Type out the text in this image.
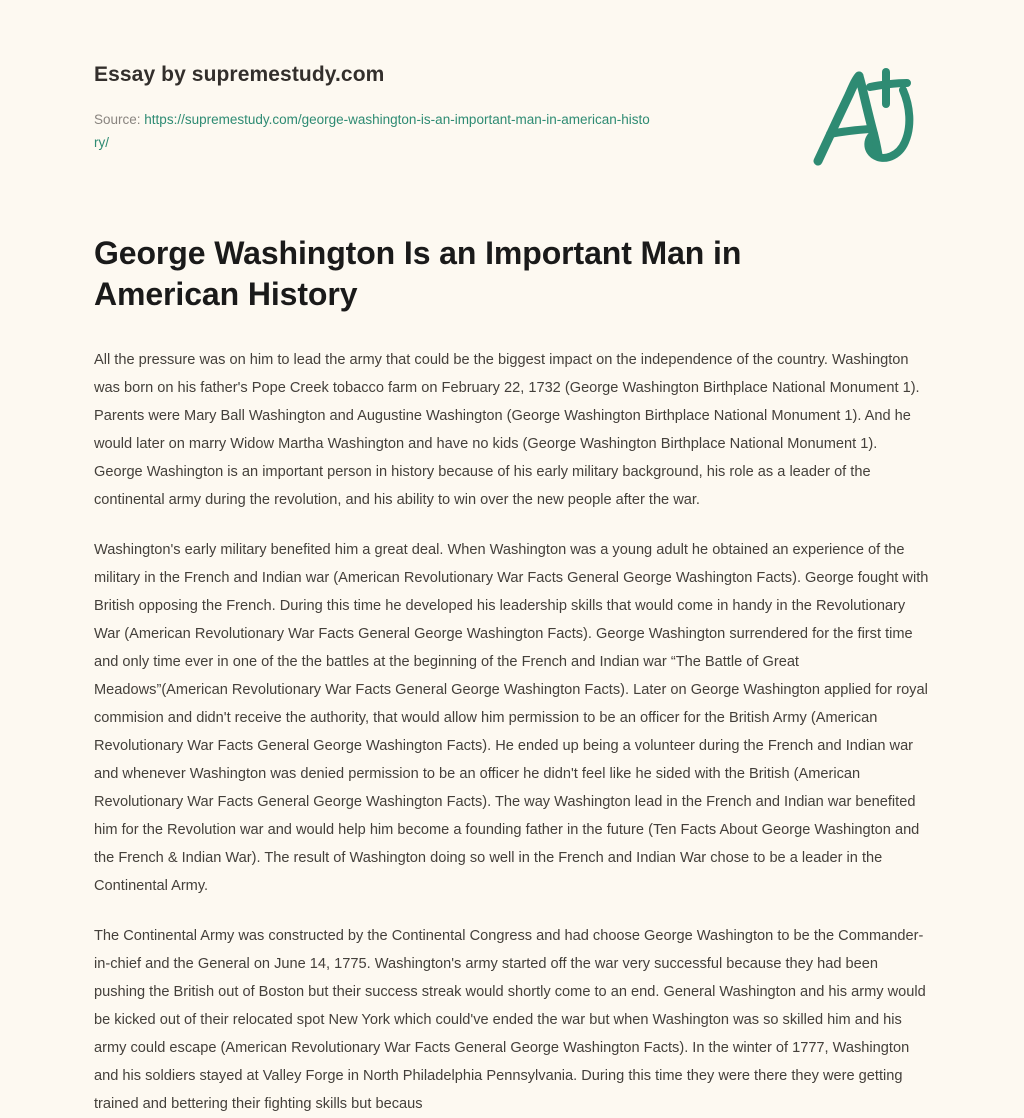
Essay by supremestudy.com
Source: https://supremestudy.com/george-washington-is-an-important-man-in-american-history/
George Washington Is an Important Man in American History

All the pressure was on him to lead the army that could be the biggest impact on the independence of the country. Washington was born on his father's Pope Creek tobacco farm on February 22, 1732 (George Washington Birthplace National Monument 1). Parents were Mary Ball Washington and Augustine Washington (George Washington Birthplace National Monument 1). And he would later on marry Widow Martha Washington and have no kids (George Washington Birthplace National Monument 1). George Washington is an important person in history because of his early military background, his role as a leader of the continental army during the revolution, and his ability to win over the new people after the war.

Washington's early military benefited him a great deal. When Washington was a young adult he obtained an experience of the military in the French and Indian war (American Revolutionary War Facts General George Washington Facts). George fought with British opposing the French. During this time he developed his leadership skills that would come in handy in the Revolutionary War (American Revolutionary War Facts General George Washington Facts). George Washington surrendered for the first time and only time ever in one of the the battles at the beginning of the French and Indian war “The Battle of Great Meadows”(American Revolutionary War Facts General George Washington Facts). Later on George Washington applied for royal commision and didn't receive the authority, that would allow him permission to be an officer for the British Army (American Revolutionary War Facts General George Washington Facts). He ended up being a volunteer during the French and Indian war and whenever Washington was denied permission to be an officer he didn't feel like he sided with the British (American Revolutionary War Facts General George Washington Facts). The way Washington lead in the French and Indian war benefited him for the Revolution war and would help him become a founding father in the future (Ten Facts About George Washington and the French & Indian War). The result of Washington doing so well in the French and Indian War chose to be a leader in the Continental Army.

The Continental Army was constructed by the Continental Congress and had choose George Washington to be the Commander-in-chief and the General on June 14, 1775. Washington's army started off the war very successful because they had been pushing the British out of Boston but their success streak would shortly come to an end. General Washington and his army would be kicked out of their relocated spot New York which could've ended the war but when Washington was so skilled him and his army could escape (American Revolutionary War Facts General George Washington Facts). In the winter of 1777, Washington and his soldiers stayed at Valley Forge in North Philadelphia Pennsylvania. During this time they were there they were getting trained and bettering their fighting skills but becaus
